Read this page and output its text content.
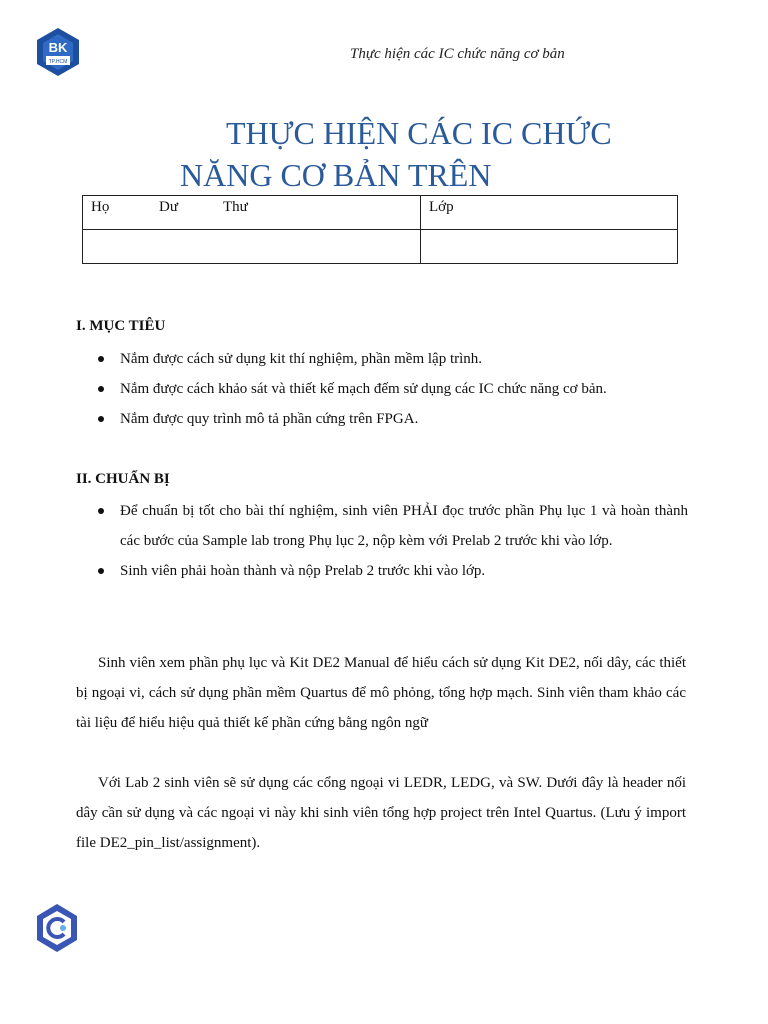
BK
TP.HCM	Thực hiện các IC chức năng cơ bản
THỰC HIỆN CÁC IC CHỨC
NĂNG CƠ BẢN TRÊN
Họ Dư Thư	Lớp

I. MỤC TIÊU
Nắm được cách sử dụng kit thí nghiệm, phần mềm lập trình.
Nắm được cách khảo sát và thiết kế mạch đếm sử dụng các IC chức năng cơ bản.
Nắm được quy trình mô tả phần cứng trên FPGA.
II. CHUẨN BỊ
Để chuẩn bị tốt cho bài thí nghiệm, sinh viên PHẢI đọc trước phần Phụ lục 1 và hoàn thành các bước của Sample lab trong Phụ lục 2, nộp kèm với Prelab 2 trước khi vào lớp.
Sinh viên phải hoàn thành và nộp Prelab 2 trước khi vào lớp.

Sinh viên xem phần phụ lục và Kit DE2 Manual để hiểu cách sử dụng Kit DE2, nối dây, các thiết bị ngoại vi, cách sử dụng phần mềm Quartus để mô phỏng, tổng hợp mạch. Sinh viên tham khảo các tài liệu để hiểu hiệu quả thiết kế phần cứng bằng ngôn ngữ

Với Lab 2 sinh viên sẽ sử dụng các cổng ngoại vi LEDR, LEDG, và SW. Dưới đây là header nối dây cần sử dụng và các ngoại vi này khi sinh viên tổng hợp project trên Intel Quartus. (Lưu ý import file DE2_pin_list/assignment).
